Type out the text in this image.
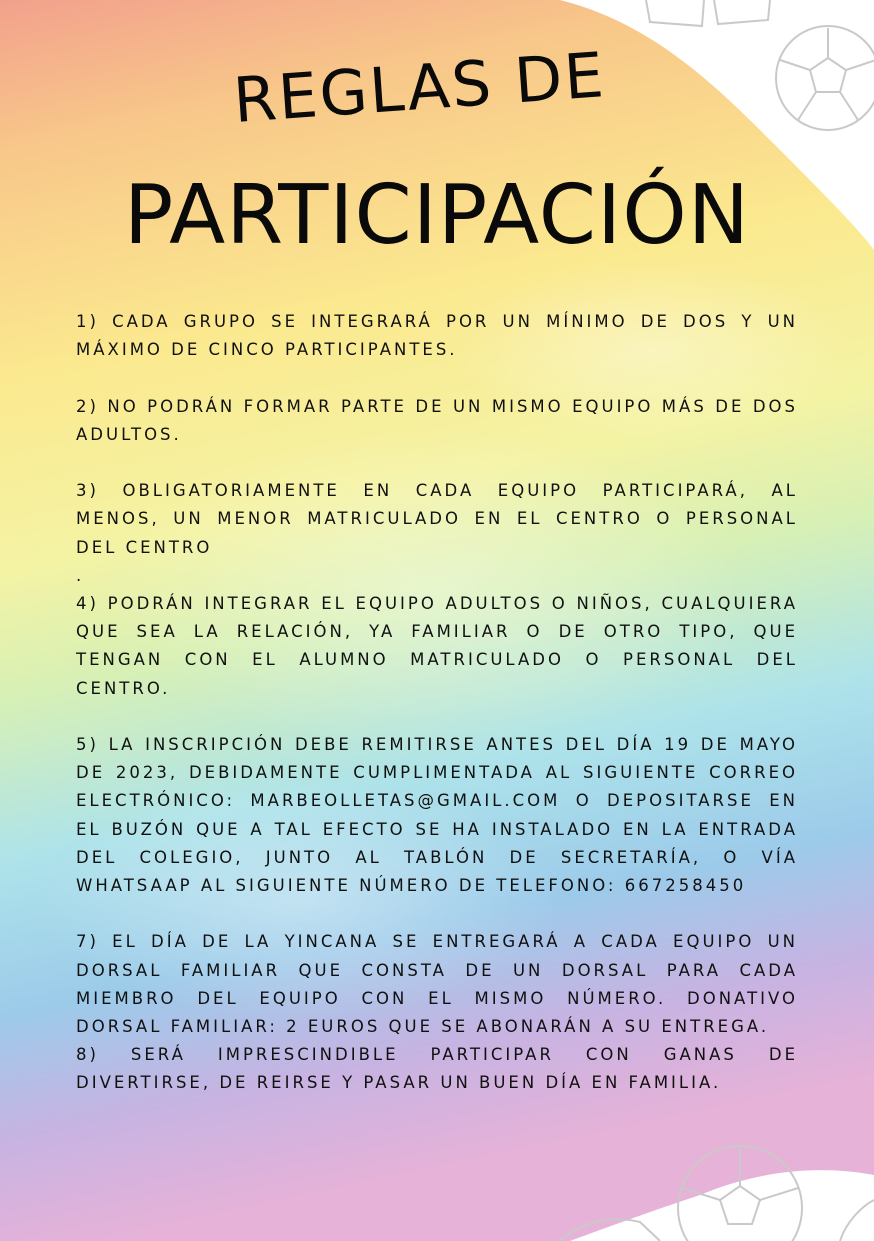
REGLAS DE
PARTICIPACIÓN

1) CADA GRUPO SE INTEGRARÁ POR UN MÍNIMO DE DOS Y UN MÁXIMO DE CINCO PARTICIPANTES.

2) NO PODRÁN FORMAR PARTE DE UN MISMO EQUIPO MÁS DE DOS ADULTOS.

3) OBLIGATORIAMENTE EN CADA EQUIPO PARTICIPARÁ, AL MENOS, UN MENOR MATRICULADO EN EL CENTRO O PERSONAL DEL CENTRO

.

4) PODRÁN INTEGRAR EL EQUIPO ADULTOS O NIÑOS, CUALQUIERA QUE SEA LA RELACIÓN, YA FAMILIAR O DE OTRO TIPO, QUE TENGAN CON EL ALUMNO MATRICULADO O PERSONAL DEL CENTRO.

5) LA INSCRIPCIÓN DEBE REMITIRSE ANTES DEL DÍA 19 DE MAYO DE 2023, DEBIDAMENTE CUMPLIMENTADA AL SIGUIENTE CORREO ELECTRÓNICO: MARBEOLLETAS@GMAIL.COM O DEPOSITARSE EN EL BUZÓN QUE A TAL EFECTO SE HA INSTALADO EN LA ENTRADA DEL COLEGIO, JUNTO AL TABLÓN DE SECRETARÍA, O VÍA WHATSAAP AL SIGUIENTE NÚMERO DE TELEFONO: 667258450

7) EL DÍA DE LA YINCANA SE ENTREGARÁ A CADA EQUIPO UN DORSAL FAMILIAR QUE CONSTA DE UN DORSAL PARA CADA MIEMBRO DEL EQUIPO CON EL MISMO NÚMERO. DONATIVO DORSAL FAMILIAR: 2 EUROS QUE SE ABONARÁN A SU ENTREGA.

8) SERÁ IMPRESCINDIBLE PARTICIPAR CON GANAS DE DIVERTIRSE, DE REIRSE Y PASAR UN BUEN DÍA EN FAMILIA.
